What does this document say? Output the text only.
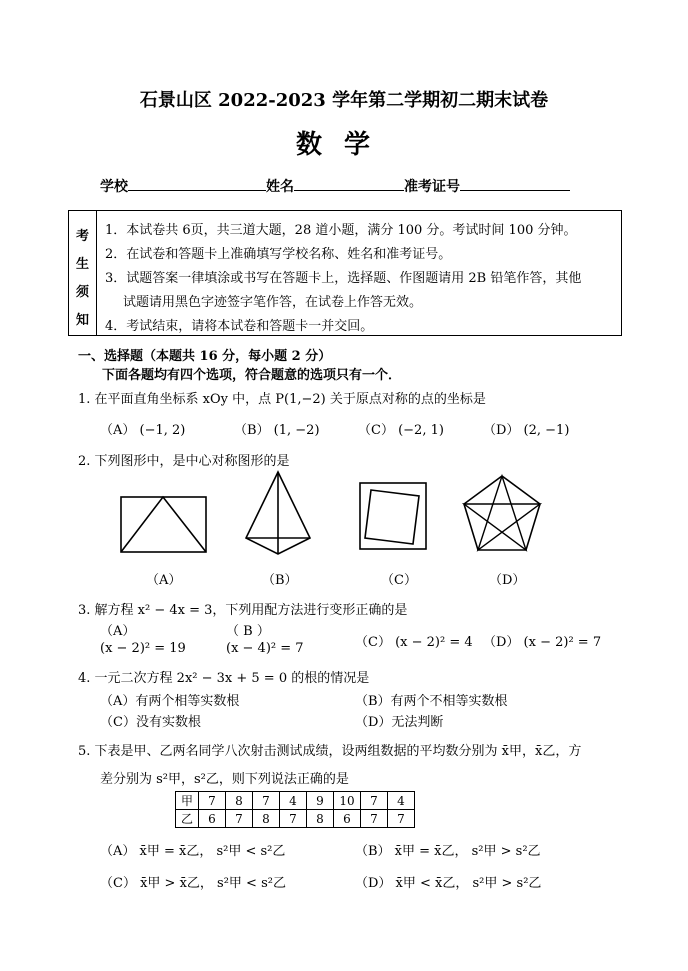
石景山区 2022-2023 学年第二学期初二期末试卷
数学
学校	姓名	准考证号
考
生
须
知
1．本试卷共 6页，共三道大题，28 道小题，满分 100 分。考试时间 100 分钟。
2．在试卷和答题卡上准确填写学校名称、姓名和准考证号。
3．试题答案一律填涂或书写在答题卡上，选择题、作图题请用 2B 铅笔作答，其他
试题请用黑色字迹签字笔作答，在试卷上作答无效。
4．考试结束，请将本试卷和答题卡一并交回。
一、选择题（本题共 16 分，每小题 2 分）
下面各题均有四个选项，符合题意的选项只有一个．
1. 在平面直角坐标系 xOy 中，点 P(1,−2) 关于原点对称的点的坐标是
（A） (−1, 2)	（B） (1, −2)	（C） (−2, 1)	（D） (2, −1)
2. 下列图形中，是中心对称图形的是
（A）	（B）	（C）	（D）
3. 解方程 x² − 4x = 3，下列用配方法进行变形正确的是
（A）
(x − 2)² = 19
（ B ）
(x − 4)² = 7	（C） (x − 2)² = 4 （D） (x − 2)² = 7
4. 一元二次方程 2x² − 3x + 5 = 0 的根的情况是
（A）有两个相等实数根	（B）有两个不相等实数根
（C）没有实数根	（D）无法判断
5. 下表是甲、乙两名同学八次射击测试成绩，设两组数据的平均数分别为 x̄甲，x̄乙，方
差分别为 s²甲，s²乙，则下列说法正确的是
甲	7	8	7	4	9	10	7	4
乙	6	7	8	7	8	6	7	7
（A） x̄甲 = x̄乙， s²甲 < s²乙	（B） x̄甲 = x̄乙， s²甲 > s²乙
（C） x̄甲 > x̄乙， s²甲 < s²乙	（D） x̄甲 < x̄乙， s²甲 > s²乙
